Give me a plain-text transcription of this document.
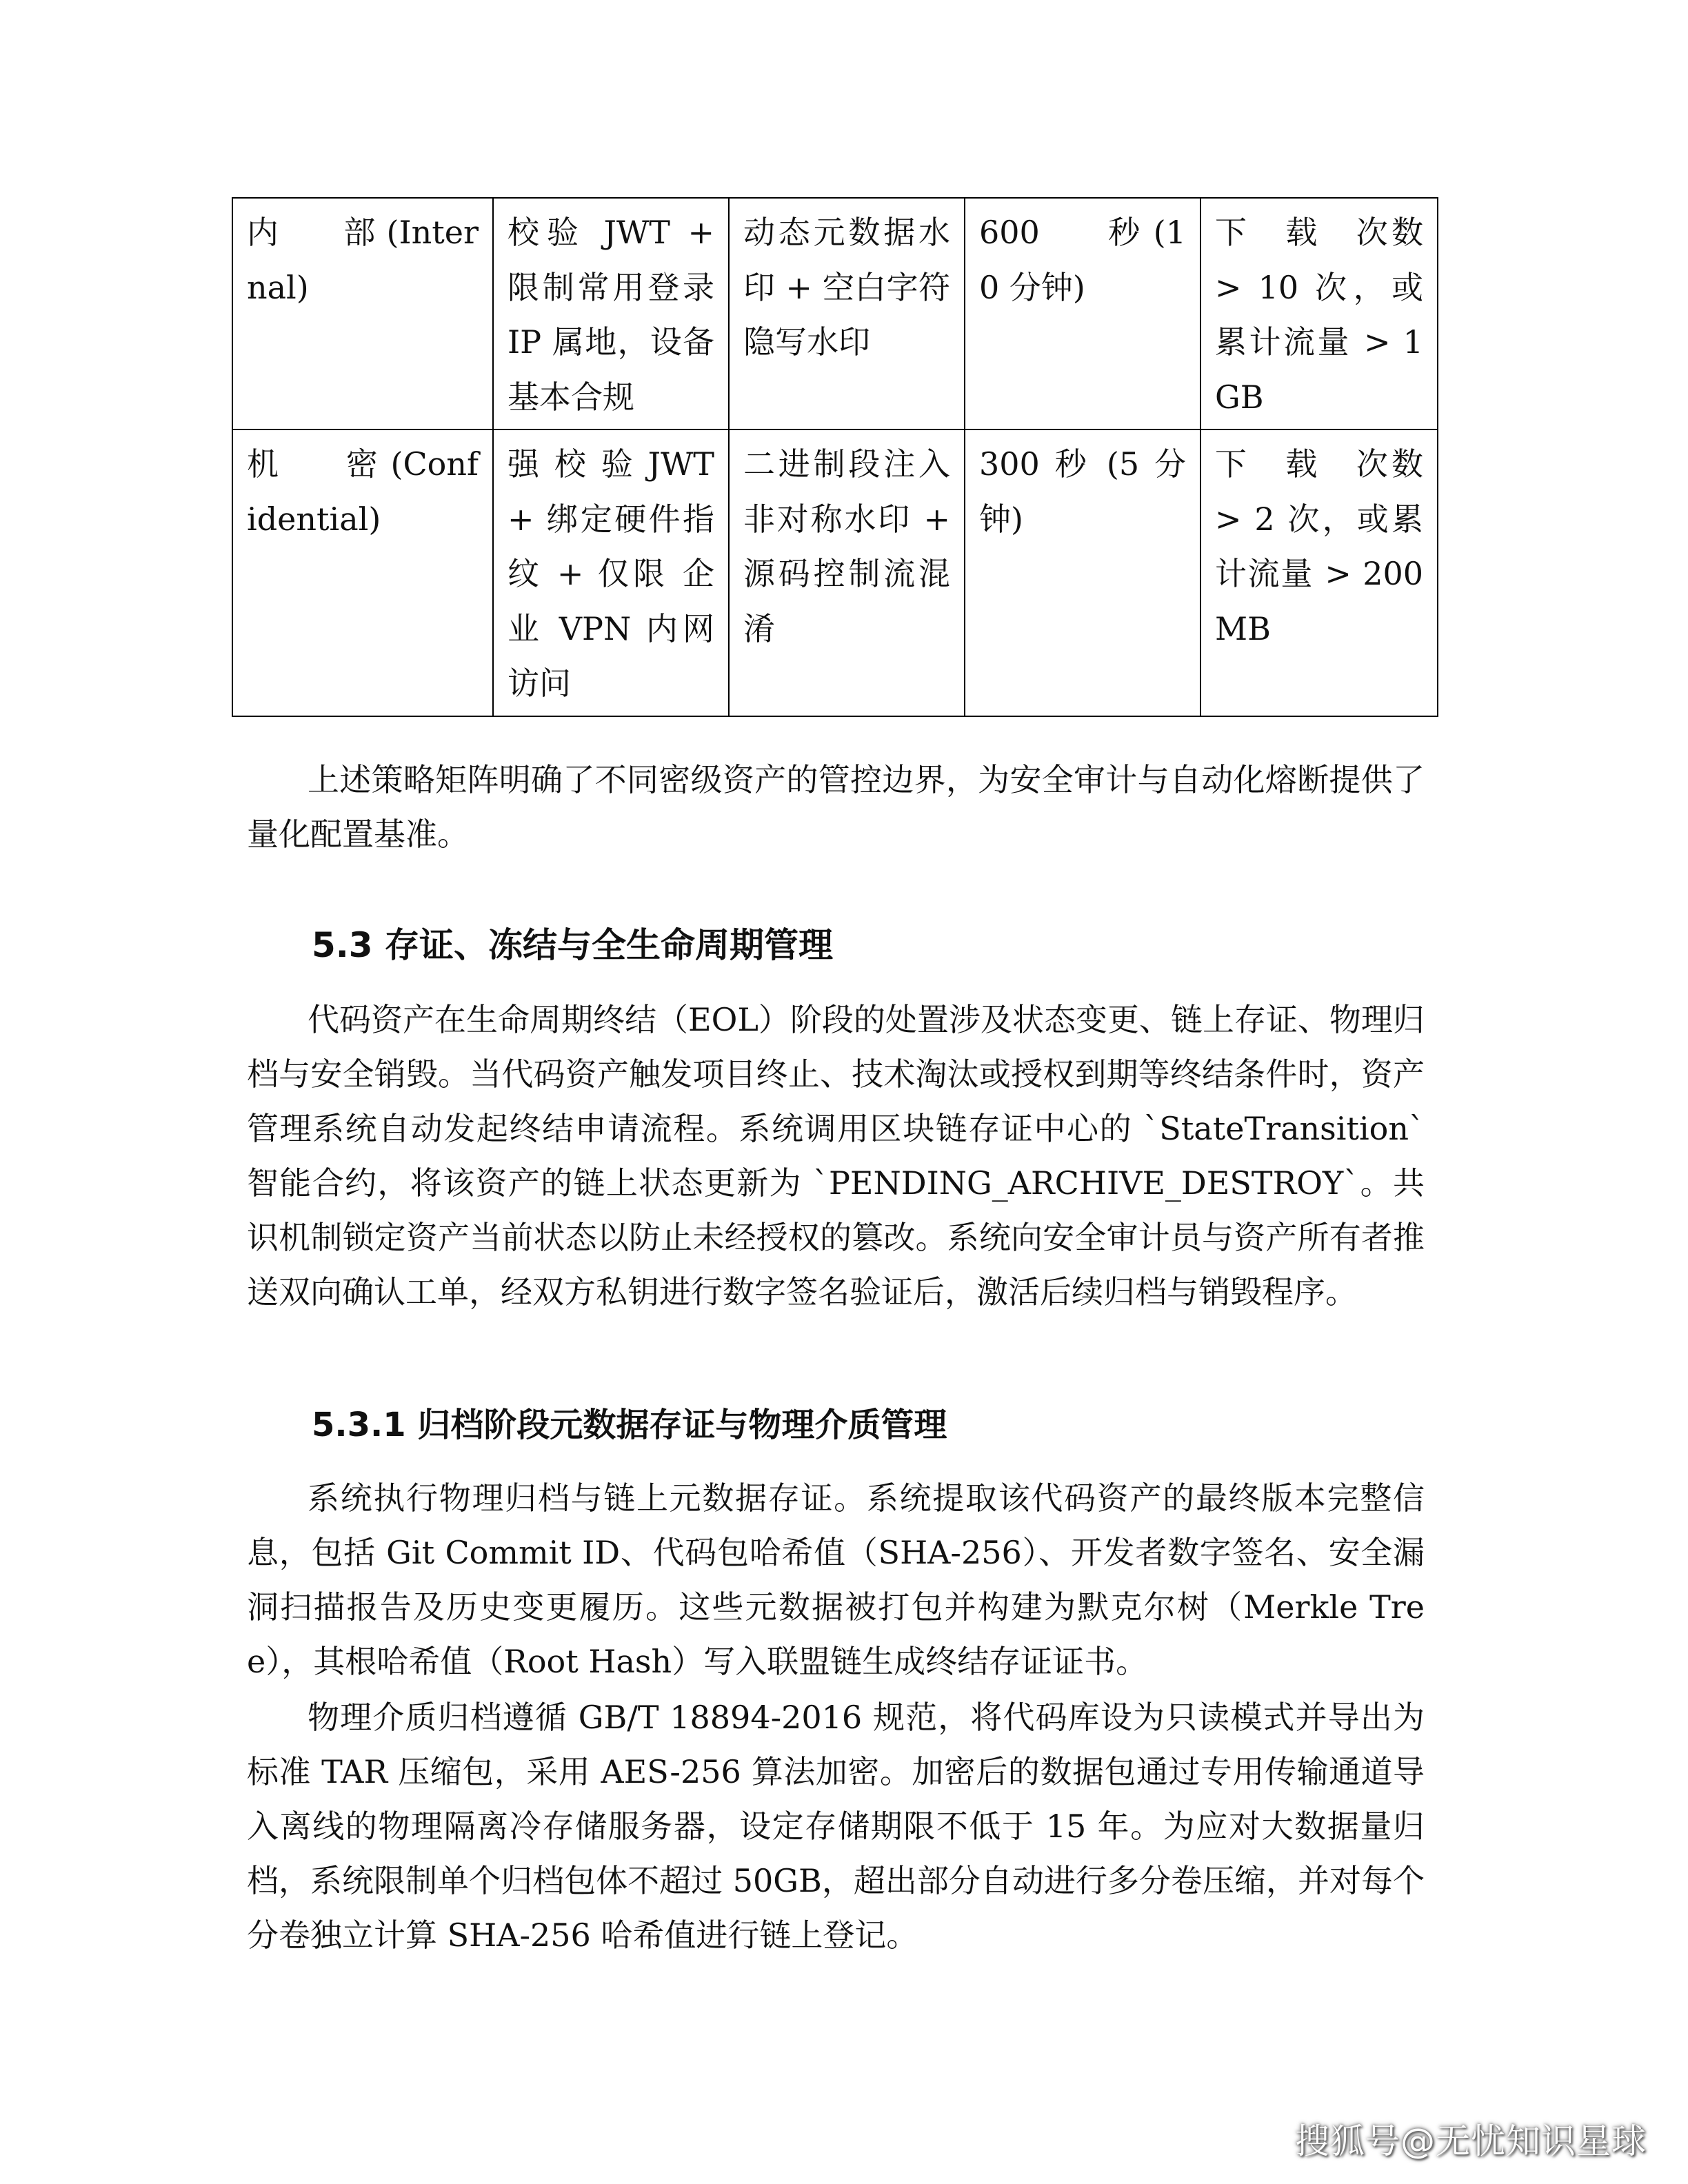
内　　部 (Internal)	校验 JWT + 限制常用登录 IP 属地，设备基本合规	动态元数据水印 + 空白字符隐写水印	600　　秒 (10 分钟)	下　载　次数 > 10 次，或累计流量 > 1 GB

机　　密 (Confidential)	强 校 验 JWT + 绑定硬件指纹 + 仅限 企 业 VPN 内网访问	二进制段注入非对称水印 + 源码控制流混淆	300 秒 (5 分钟)	下　载　次数 > 2 次，或累计流量 > 200 MB

上述策略矩阵明确了不同密级资产的管控边界，为安全审计与自动化熔断提供了量化配置基准。

5.3 存证、冻结与全生命周期管理

代码资产在生命周期终结（EOL）阶段的处置涉及状态变更、链上存证、物理归档与安全销毁。当代码资产触发项目终止、技术淘汰或授权到期等终结条件时，资产管理系统自动发起终结申请流程。系统调用区块链存证中心的 `StateTransition` 智能合约，将该资产的链上状态更新为 `PENDING_ARCHIVE_DESTROY`。共识机制锁定资产当前状态以防止未经授权的篡改。系统向安全审计员与资产所有者推送双向确认工单，经双方私钥进行数字签名验证后，激活后续归档与销毁程序。

5.3.1 归档阶段元数据存证与物理介质管理

系统执行物理归档与链上元数据存证。系统提取该代码资产的最终版本完整信息，包括 Git Commit ID、代码包哈希值（SHA-256）、开发者数字签名、安全漏洞扫描报告及历史变更履历。这些元数据被打包并构建为默克尔树（Merkle Tree），其根哈希值（Root Hash）写入联盟链生成终结存证证书。

物理介质归档遵循 GB/T 18894-2016 规范，将代码库设为只读模式并导出为标准 TAR 压缩包，采用 AES-256 算法加密。加密后的数据包通过专用传输通道导入离线的物理隔离冷存储服务器，设定存储期限不低于 15 年。为应对大数据量归档，系统限制单个归档包体不超过 50GB，超出部分自动进行多分卷压缩，并对每个分卷独立计算 SHA-256 哈希值进行链上登记。

搜狐号@无忧知识星球
